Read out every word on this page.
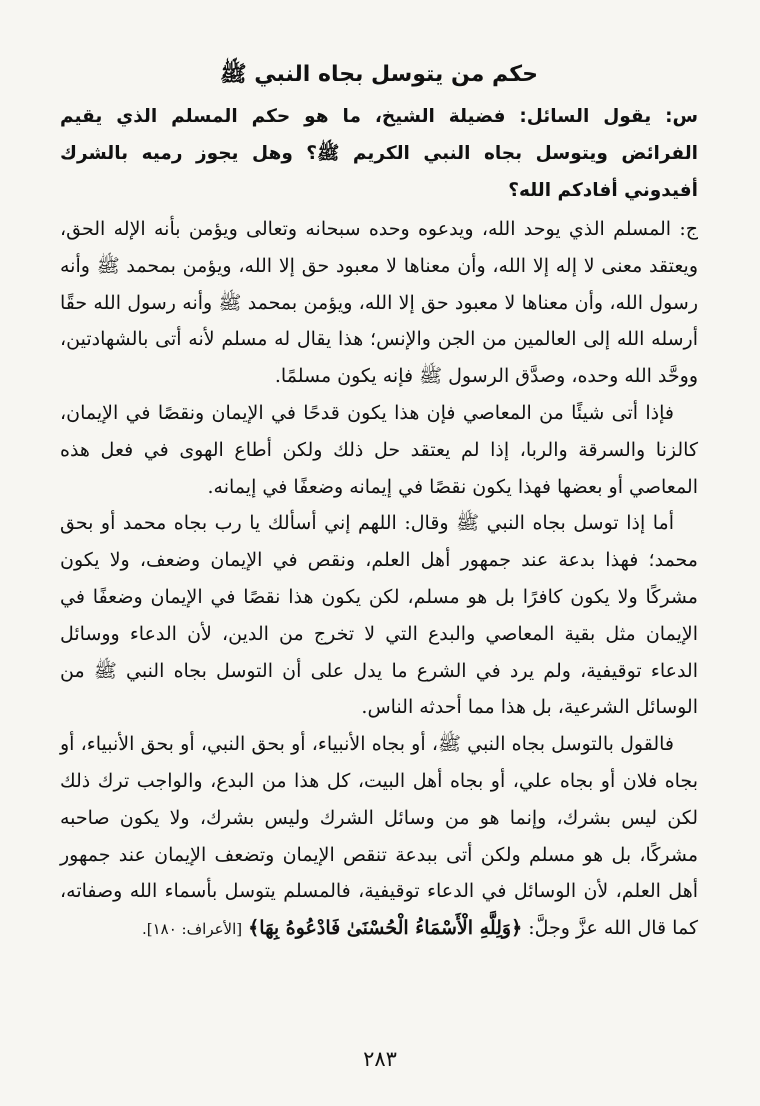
حكم من يتوسل بجاه النبي ﷺ

س: يقول السائل: فضيلة الشيخ، ما هو حكم المسلم الذي يقيم الفرائض ويتوسل بجاه النبي الكريم ﷺ؟ وهل يجوز رميه بالشرك أفيدوني أفادكم الله؟

ج: المسلم الذي يوحد الله، ويدعوه وحده سبحانه وتعالى ويؤمن بأنه الإله الحق، ويعتقد معنى لا إله إلا الله، وأن معناها لا معبود حق إلا الله، ويؤمن بمحمد ﷺ وأنه رسول الله، وأن معناها لا معبود حق إلا الله، ويؤمن بمحمد ﷺ وأنه رسول الله حقًا أرسله الله إلى العالمين من الجن والإنس؛ هذا يقال له مسلم لأنه أتى بالشهادتين، ووحَّد الله وحده، وصدَّق الرسول ﷺ فإنه يكون مسلمًا.

فإذا أتى شيئًا من المعاصي فإن هذا يكون قدحًا في الإيمان ونقصًا في الإيمان، كالزنا والسرقة والربا، إذا لم يعتقد حل ذلك ولكن أطاع الهوى في فعل هذه المعاصي أو بعضها فهذا يكون نقصًا في إيمانه وضعفًا في إيمانه.

أما إذا توسل بجاه النبي ﷺ وقال: اللهم إني أسألك يا رب بجاه محمد أو بحق محمد؛ فهذا بدعة عند جمهور أهل العلم، ونقص في الإيمان وضعف، ولا يكون مشركًا ولا يكون كافرًا بل هو مسلم، لكن يكون هذا نقصًا في الإيمان وضعفًا في الإيمان مثل بقية المعاصي والبدع التي لا تخرج من الدين، لأن الدعاء ووسائل الدعاء توقيفية، ولم يرد في الشرع ما يدل على أن التوسل بجاه النبي ﷺ من الوسائل الشرعية، بل هذا مما أحدثه الناس.

فالقول بالتوسل بجاه النبي ﷺ، أو بجاه الأنبياء، أو بحق النبي، أو بحق الأنبياء، أو بجاه فلان أو بجاه علي، أو بجاه أهل البيت، كل هذا من البدع، والواجب ترك ذلك لكن ليس بشرك، وإنما هو من وسائل الشرك وليس بشرك، ولا يكون صاحبه مشركًا، بل هو مسلم ولكن أتى ببدعة تنقص الإيمان وتضعف الإيمان عند جمهور أهل العلم، لأن الوسائل في الدعاء توقيفية، فالمسلم يتوسل بأسماء الله وصفاته، كما قال الله عزَّ وجلَّ: ﴿وَلِلَّهِ الْأَسْمَاءُ الْحُسْنَىٰ فَادْعُوهُ بِهَا﴾ [الأعراف: ١٨٠].

٢٨٣
